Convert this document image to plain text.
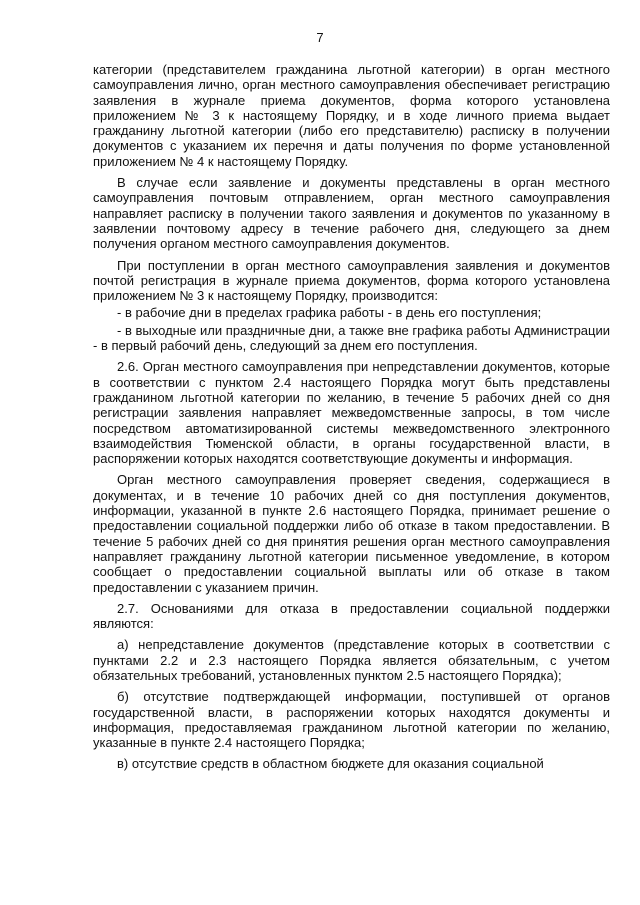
7

категории (представителем гражданина льготной категории) в орган местного самоуправления лично, орган местного самоуправления обеспечивает регистрацию заявления в журнале приема документов, форма которого установлена приложением № 3 к настоящему Порядку, и в ходе личного приема выдает гражданину льготной категории (либо его представителю) расписку в получении документов с указанием их перечня и даты получения по форме установленной приложением № 4 к настоящему Порядку.

В случае если заявление и документы представлены в орган местного самоуправления почтовым отправлением, орган местного самоуправления направляет расписку в получении такого заявления и документов по указанному в заявлении почтовому адресу в течение рабочего дня, следующего за днем получения органом местного самоуправления документов.

При поступлении в орган местного самоуправления заявления и документов почтой регистрация в журнале приема документов, форма которого установлена приложением № 3 к настоящему Порядку, производится:

- в рабочие дни в пределах графика работы - в день его поступления;

- в выходные или праздничные дни, а также вне графика работы Администрации - в первый рабочий день, следующий за днем его поступления.

2.6. Орган местного самоуправления при непредставлении документов, которые в соответствии с пунктом 2.4 настоящего Порядка могут быть представлены гражданином льготной категории по желанию, в течение 5 рабочих дней со дня регистрации заявления направляет межведомственные запросы, в том числе посредством автоматизированной системы межведомственного электронного взаимодействия Тюменской области, в органы государственной власти, в распоряжении которых находятся соответствующие документы и информация.

Орган местного самоуправления проверяет сведения, содержащиеся в документах, и в течение 10 рабочих дней со дня поступления документов, информации, указанной в пункте 2.6 настоящего Порядка, принимает решение о предоставлении социальной поддержки либо об отказе в таком предоставлении. В течение 5 рабочих дней со дня принятия решения орган местного самоуправления направляет гражданину льготной категории письменное уведомление, в котором сообщает о предоставлении социальной выплаты или об отказе в таком предоставлении с указанием причин.

2.7. Основаниями для отказа в предоставлении социальной поддержки являются:

а) непредставление документов (представление которых в соответствии с пунктами 2.2 и 2.3 настоящего Порядка является обязательным, с учетом обязательных требований, установленных пунктом 2.5 настоящего Порядка);

б) отсутствие подтверждающей информации, поступившей от органов государственной власти, в распоряжении которых находятся документы и информация, предоставляемая гражданином льготной категории по желанию, указанные в пункте 2.4 настоящего Порядка;

в) отсутствие средств в областном бюджете для оказания социальной
